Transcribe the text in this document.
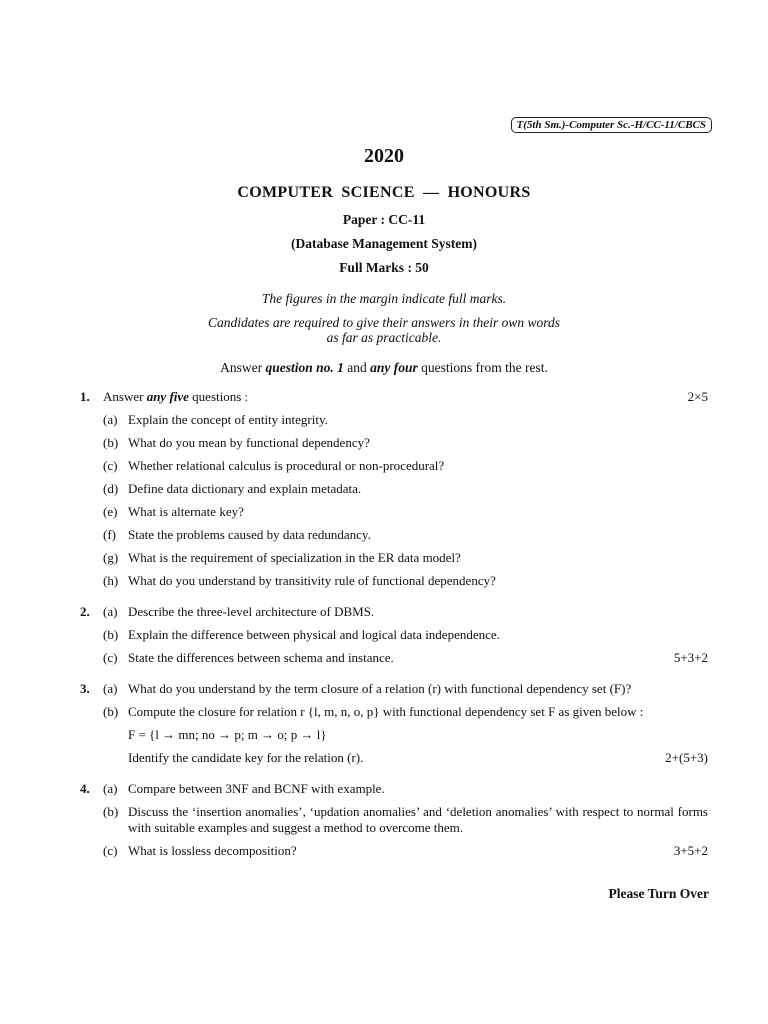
T(5th Sm.)-Computer Sc.-H/CC-11/CBCS
2020
COMPUTER SCIENCE — HONOURS
Paper : CC-11
(Database Management System)
Full Marks : 50
The figures in the margin indicate full marks.
Candidates are required to give their answers in their own words
as far as practicable.
Answer question no. 1 and any four questions from the rest.
1.	Answer any five questions :	2×5
(a) Explain the concept of entity integrity.
(b) What do you mean by functional dependency?
(c) Whether relational calculus is procedural or non-procedural?
(d) Define data dictionary and explain metadata.
(e) What is alternate key?
(f) State the problems caused by data redundancy.
(g) What is the requirement of specialization in the ER data model?
(h) What do you understand by transitivity rule of functional dependency?
2.	(a) Describe the three-level architecture of DBMS.
(b) Explain the difference between physical and logical data independence.
(c) State the differences between schema and instance.	5+3+2
3.	(a) What do you understand by the term closure of a relation (r) with functional dependency set (F)?
(b) Compute the closure for relation r {l, m, n, o, p} with functional dependency set F as given below :
F = {l → mn; no → p; m → o; p → l}
Identify the candidate key for the relation (r).	2+(5+3)
4.	(a) Compare between 3NF and BCNF with example.
(b) Discuss the ‘insertion anomalies’, ‘updation anomalies’ and ‘deletion anomalies’ with respect to normal forms with suitable examples and suggest a method to overcome them.
(c) What is lossless decomposition?	3+5+2
Please Turn Over
